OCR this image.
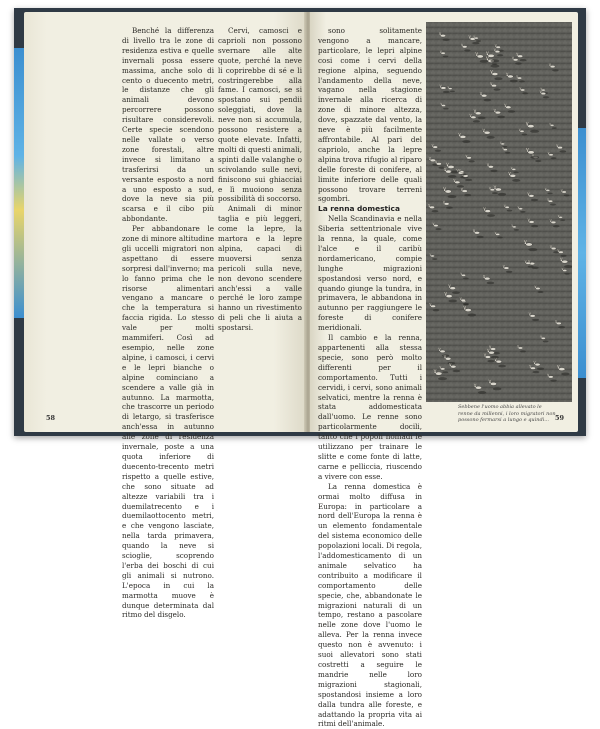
Benché la differenza di livello tra le zone di residenza estiva e quelle invernali possa essere massima, anche solo di cento o duecento metri, le distanze che gli animali devono percorrere possono risultare considerevoli. Certe specie scendono nelle vallate o verso zone forestali, altre invece si limitano a trasferirsi da un versante esposto a nord a uno esposto a sud, dove la neve sia più scarsa e il cibo più abbondante.

Per abbandonare le zone di minore altitudine gli uccelli migratori non aspettano di essere sorpresi dall'inverno; ma lo fanno prima che le risorse alimentari vengano a mancare o che la temperatura si faccia rigida. Lo stesso vale per molti mammiferi. Così ad esempio, nelle zone alpine, i camosci, i cervi e le lepri bianche o alpine cominciano a scendere a valle già in autunno. La marmotta, che trascorre un periodo di letargo, si trasferisce anch'essa in autunno alle zone di residenza invernale, poste a una quota inferiore di duecento-trecento metri rispetto a quelle estive, che sono situate ad altezze variabili tra i duemilatrecento e i duemilaottocento metri, e che vengono lasciate, nella tarda primavera, quando la neve si scioglie, scoprendo l'erba dei boschi di cui gli animali si nutrono. L'epoca in cui la marmotta muove è dunque determinata dal ritmo del disgelo.

Cervi, camosci e caprioli non possono svernare alle alte quote, perché la neve li coprirebbe di sé e li costringerebbe alla fame. I camosci, se si spostano sui pendii soleggiati, dove la neve non si accumula, possono resistere a quote elevate. Infatti, molti di questi animali, spinti dalle valanghe o scivolando sulle nevi, finiscono sui ghiacciai e lì muoiono senza possibilità di soccorso.

Animali di minor taglia e più leggeri, come la lepre, la martora e la lepre alpina, capaci di muoversi senza pericoli sulla neve, non devono scendere anch'essi a valle perché le loro zampe hanno un rivestimento di peli che li aiuta a spostarsi.

58

sono solitamente vengono a mancare, particolare, le lepri alpine cosi come i cervi della regione alpina, seguendo l'andamento della neve, vagano nella stagione invernale alla ricerca di zone di minore altezza, dove, spazzate dal vento, la neve è più facilmente affrontabile. Al pari del capriolo, anche la lepre alpina trova rifugio al riparo delle foreste di conifere, al limite inferiore delle quali possono trovare terreni sgombri.

La renna domestica

Nella Scandinavia e nella Siberia settentrionale vive la renna, la quale, come l'alce e il caribù nordamericano, compie lunghe migrazioni spostandosi verso nord, e quando giunge la tundra, in primavera, le abbandona in autunno per raggiungere le foreste di conifere meridionali.

Il cambio e la renna, appartenenti alla stessa specie, sono però molto differenti per il comportamento. Tutti i cervidi, i cervi, sono animali selvatici, mentre la renna è stata addomesticata dall'uomo. Le renne sono particolarmente docili, tanto che i popoli nomadi le utilizzano per trainare le slitte e come fonte di latte, carne e pelliccia, riuscendo a vivere con esse.

La renna domestica è ormai molto diffusa in Europa: in particolare a nord dell'Europa la renna è un elemento fondamentale del sistema economico delle popolazioni locali. Di regola, l'addomesticamento di un animale selvatico ha contribuito a modificare il comportamento delle specie, che, abbandonate le migrazioni naturali di un tempo, restano a pascolare nelle zone dove l'uomo le alleva. Per la renna invece questo non è avvenuto: i suoi allevatori sono stati costretti a seguire le mandrie nelle loro migrazioni stagionali, spostandosi insieme a loro dalla tundra alle foreste, e adattando la propria vita ai ritmi dell'animale.

Sebbene l'uomo abbia allevato le renne da millenni, i loro migratori non possono fermarsi a lungo e quindi... 59
